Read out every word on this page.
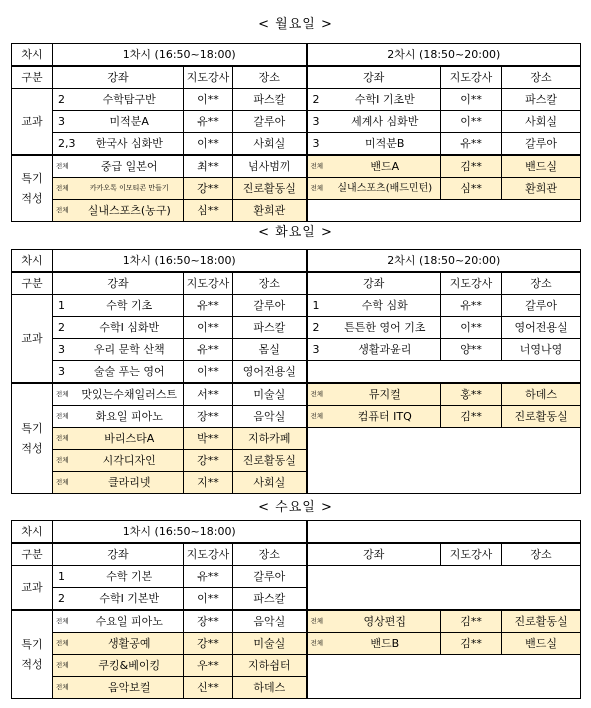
< 월요일 >
차시	1차시 (16:50~18:00)				2차시 (18:50~20:00)			
구분	강좌		지도강사	장소	강좌		지도강사	장소
교과	2	수학탐구반	이**	파스칼	2	수학Ⅰ 기초반	이**	파스칼
	3	미적분A	유**	갈루아	3	세계사 심화반	이**	사회실
	2,3	한국사 심화반	이**	사회실	3	미적분B	유**	갈루아
특기
적성	전체	중급 일본어	최**	넘사범끼	전체	밴드A	김**	밴드실
	전체	카카오톡 이모티콘 만들기	강**	진로활동실	전체	실내스포츠(배드민턴)	심**	환희관
	전체	실내스포츠(농구)	심**	환희관				
< 화요일 >
차시	1차시 (16:50~18:00)				2차시 (18:50~20:00)			
구분	강좌		지도강사	장소	강좌		지도강사	장소
교과	1	수학 기초	유**	갈루아	1	수학 심화	유**	갈루아
	2	수학Ⅰ 심화반	이**	파스칼	2	튼튼한 영어 기초	이**	영어전용실
	3	우리 문학 산책	유**	몸실	3	생활과윤리	양**	너영나영
	3	술술 푸는 영어	이**	영어전용실				
특기
적성	전체	맛있는수채일러스트	서**	미술실	전체	뮤지컬	홍**	하데스
	전체	화요일 피아노	장**	음악실	전체	컴퓨터 ITQ	김**	진로활동실
	전체	바리스타A	박**	지하카페				
	전체	시각디자인	강**	진로활동실				
	전체	클라리넷	지**	사회실				
< 수요일 >
차시	1차시 (16:50~18:00)							
구분	강좌		지도강사	장소	강좌		지도강사	장소
교과	1	수학 기본	유**	갈루아				
	2	수학Ⅰ 기본반	이**	파스칼				
특기
적성	전체	수요일 피아노	장**	음악실	전체	영상편집	김**	진로활동실
	전체	생활공예	강**	미술실	전체	밴드B	김**	밴드실
	전체	쿠킹&베이킹	우**	지하쉼터				
	전체	음악보컬	신**	하데스				
